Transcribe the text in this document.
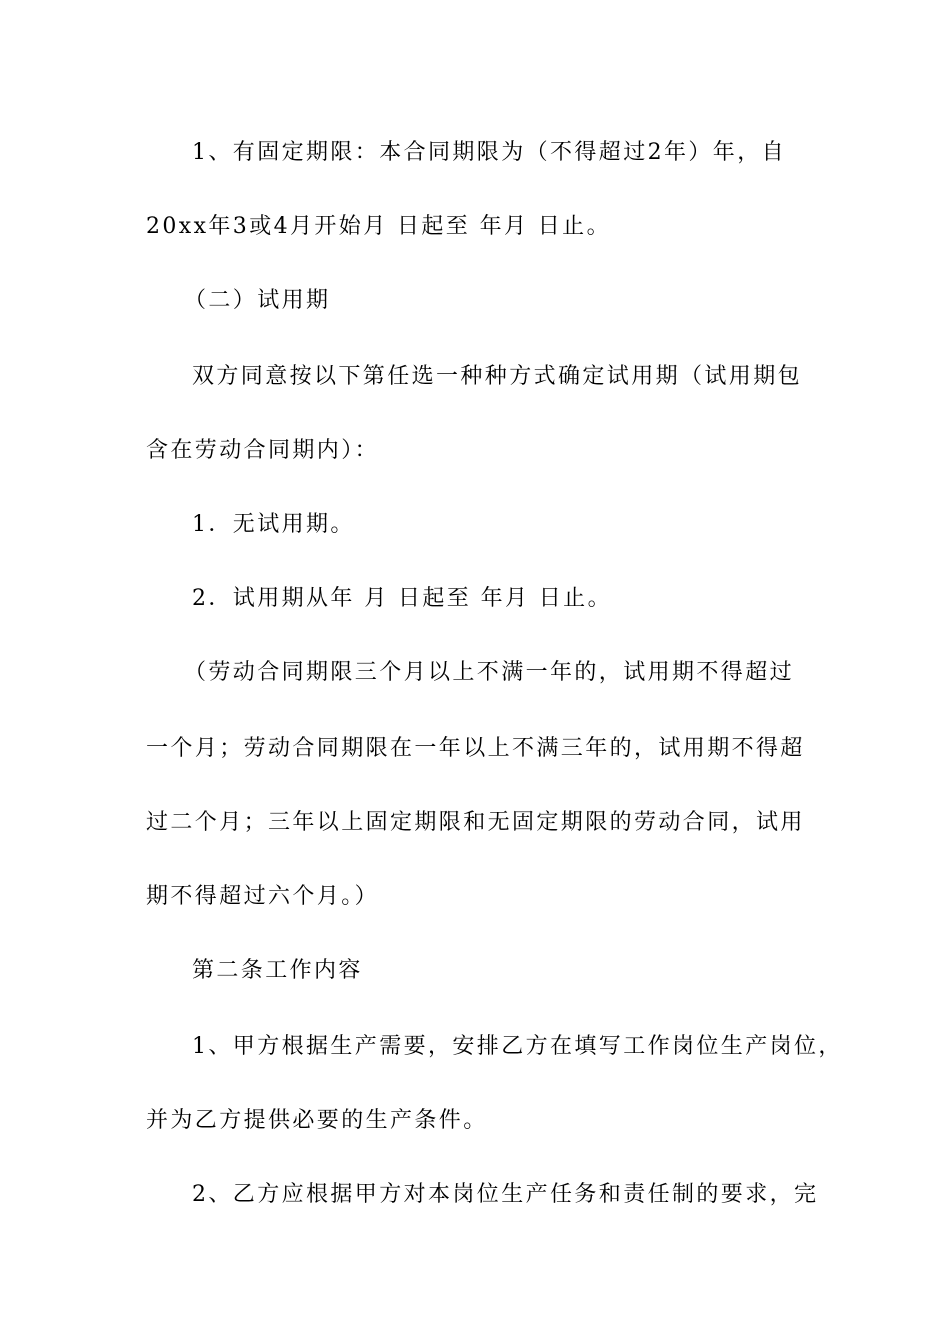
1、有固定期限：本合同期限为（不得超过2年）年，自
20xx年3或4月开始月 日起至 年月 日止。
（二）试用期
双方同意按以下第任选一种种方式确定试用期（试用期包
含在劳动合同期内）：
1．无试用期。
2．试用期从年 月 日起至 年月 日止。
（劳动合同期限三个月以上不满一年的，试用期不得超过
一个月；劳动合同期限在一年以上不满三年的，试用期不得超
过二个月；三年以上固定期限和无固定期限的劳动合同，试用
期不得超过六个月。）
第二条工作内容
1、甲方根据生产需要，安排乙方在填写工作岗位生产岗位，
并为乙方提供必要的生产条件。
2、乙方应根据甲方对本岗位生产任务和责任制的要求，完
